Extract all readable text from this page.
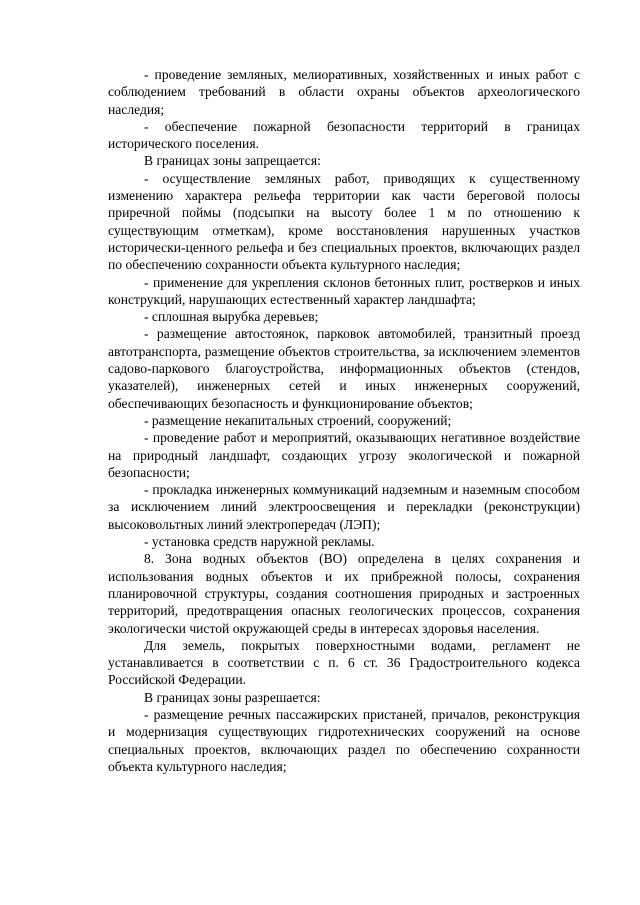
- проведение земляных, мелиоративных, хозяйственных и иных работ с соблюдением требований в области охраны объектов археологического наследия;

- обеспечение пожарной безопасности территорий в границах исторического поселения.

В границах зоны запрещается:

- осуществление земляных работ, приводящих к существенному изменению характера рельефа территории как части береговой полосы приречной поймы (подсыпки на высоту более 1 м по отношению к существующим отметкам), кроме восстановления нарушенных участков исторически-ценного рельефа и без специальных проектов, включающих раздел по обеспечению сохранности объекта культурного наследия;

- применение для укрепления склонов бетонных плит, ростверков и иных конструкций, нарушающих естественный характер ландшафта;

- сплошная вырубка деревьев;

- размещение автостоянок, парковок автомобилей, транзитный проезд автотранспорта, размещение объектов строительства, за исключением элементов садово-паркового благоустройства, информационных объектов (стендов, указателей), инженерных сетей и иных инженерных сооружений, обеспечивающих безопасность и функционирование объектов;

- размещение некапитальных строений, сооружений;

- проведение работ и мероприятий, оказывающих негативное воздействие на природный ландшафт, создающих угрозу экологической и пожарной безопасности;

- прокладка инженерных коммуникаций надземным и наземным способом за исключением линий электроосвещения и перекладки (реконструкции) высоковольтных линий электропередач (ЛЭП);

- установка средств наружной рекламы.

8. Зона водных объектов (ВО) определена в целях сохранения и использования водных объектов и их прибрежной полосы, сохранения планировочной структуры, создания соотношения природных и застроенных территорий, предотвращения опасных геологических процессов, сохранения экологически чистой окружающей среды в интересах здоровья населения.

Для земель, покрытых поверхностными водами, регламент не устанавливается в соответствии с п. 6 ст. 36 Градостроительного кодекса Российской Федерации.

В границах зоны разрешается:

- размещение речных пассажирских пристаней, причалов, реконструкция и модернизация существующих гидротехнических сооружений на основе специальных проектов, включающих раздел по обеспечению сохранности объекта культурного наследия;
